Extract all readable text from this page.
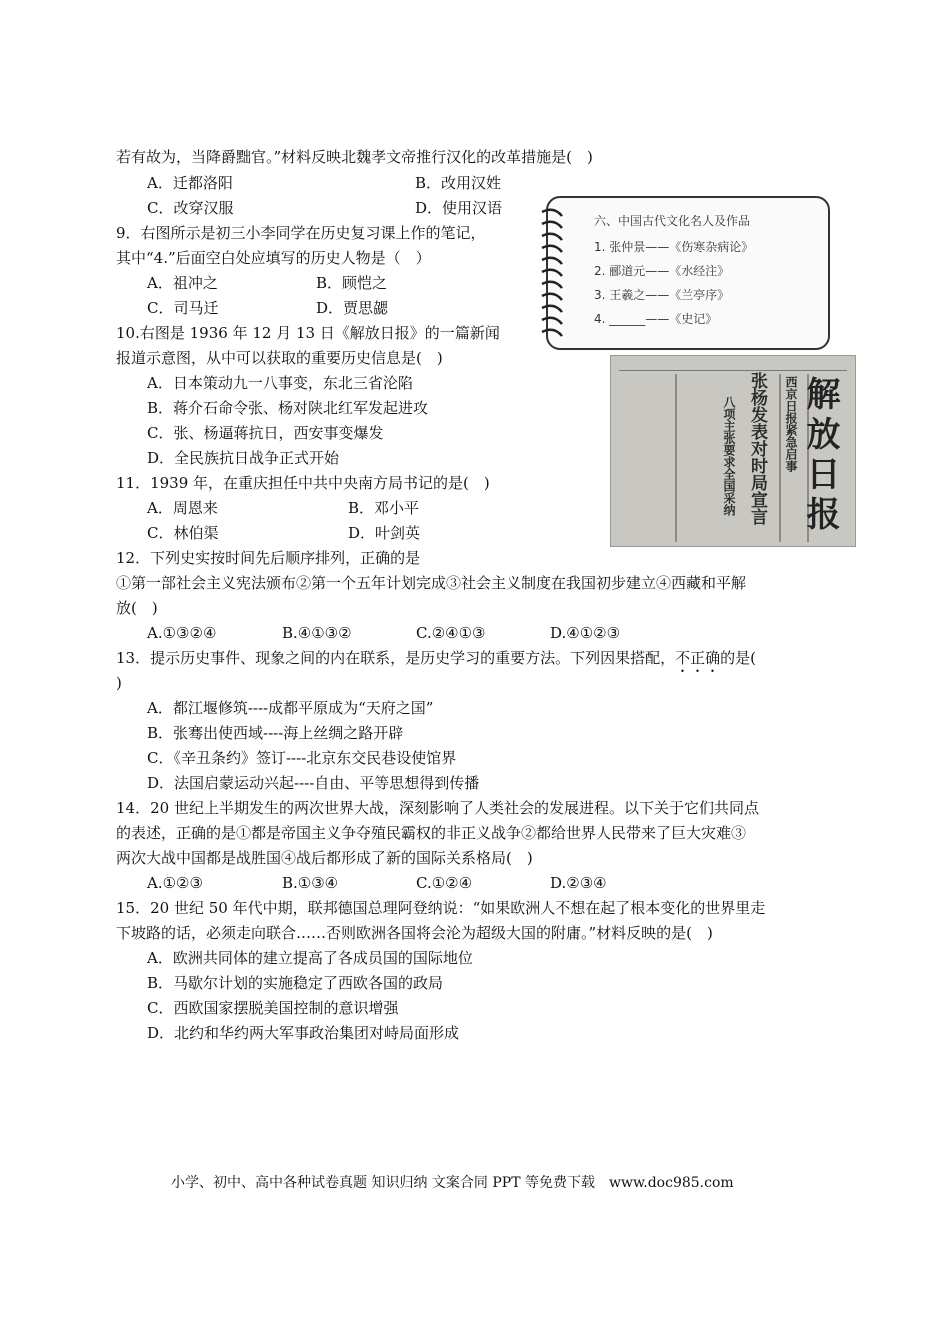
若有故为，当降爵黜官。”材料反映北魏孝文帝推行汉化的改革措施是(　)
A．迁都洛阳	B．改用汉姓
C．改穿汉服	D．使用汉语
9．右图所示是初三小李同学在历史复习课上作的笔记，
其中“4.”后面空白处应填写的历史人物是（　）
A．祖冲之	B．顾恺之
C．司马迁	D．贾思勰
10.右图是 1936 年 12 月 13 日《解放日报》的一篇新闻
报道示意图，从中可以获取的重要历史信息是(　)
A．日本策动九一八事变，东北三省沦陷
B．蒋介石命令张、杨对陕北红军发起进攻
C．张、杨逼蒋抗日，西安事变爆发
D．全民族抗日战争正式开始
11．1939 年，在重庆担任中共中央南方局书记的是(　)
A．周恩来	B．邓小平
C．林伯渠	D．叶剑英
12．下列史实按时间先后顺序排列，正确的是
①第一部社会主义宪法颁布②第一个五年计划完成③社会主义制度在我国初步建立④西藏和平解
放(　)
A.①③②④	B.④①③②	C.②④①③	D.④①②③
13．提示历史事件、现象之间的内在联系，是历史学习的重要方法。下列因果搭配，不正确的是(
)
A．都江堰修筑----成都平原成为“天府之国”
B．张骞出使西域----海上丝绸之路开辟
C．《辛丑条约》签订----北京东交民巷设使馆界
D．法国启蒙运动兴起----自由、平等思想得到传播
14．20 世纪上半期发生的两次世界大战，深刻影响了人类社会的发展进程。以下关于它们共同点
的表述，正确的是①都是帝国主义争夺殖民霸权的非正义战争②都给世界人民带来了巨大灾难③
两次大战中国都是战胜国④战后都形成了新的国际关系格局(　)
A.①②③	B.①③④	C.①②④	D.②③④
15．20 世纪 50 年代中期，联邦德国总理阿登纳说：“如果欧洲人不想在起了根本变化的世界里走
下坡路的话，必须走向联合……否则欧洲各国将会沦为超级大国的附庸。”材料反映的是(　)
A．欧洲共同体的建立提高了各成员国的国际地位
B．马歇尔计划的实施稳定了西欧各国的政局
C．西欧国家摆脱美国控制的意识增强
D．北约和华约两大军事政治集团对峙局面形成
六、中国古代文化名人及作品
1. 张仲景——《伤寒杂病论》
2. 郦道元——《水经注》
3. 王羲之——《兰亭序》
4. ______——《史记》
解放日报
张杨发表对时局宣言
八项主张要求全国采纳	西京日报紧急启事
小学、初中、高中各种试卷真题 知识归纳 文案合同 PPT 等免费下载　www.doc985.com
